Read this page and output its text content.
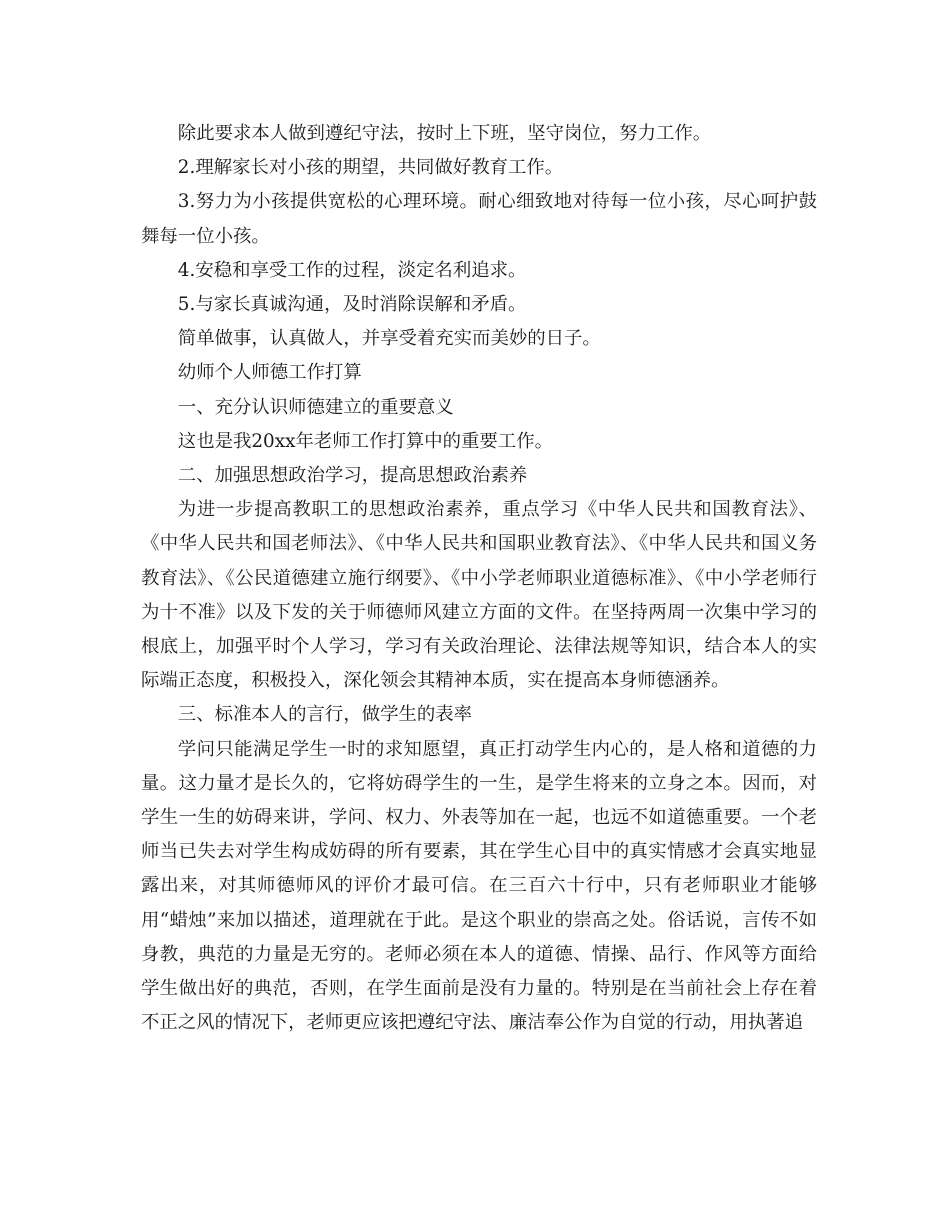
除此要求本人做到遵纪守法，按时上下班，坚守岗位，努力工作。

2.理解家长对小孩的期望，共同做好教育工作。

3.努力为小孩提供宽松的心理环境。耐心细致地对待每一位小孩，尽心呵护鼓舞每一位小孩。

4.安稳和享受工作的过程，淡定名利追求。

5.与家长真诚沟通，及时消除误解和矛盾。

简单做事，认真做人，并享受着充实而美妙的日子。

幼师个人师德工作打算

一、充分认识师德建立的重要意义

这也是我20xx年老师工作打算中的重要工作。

二、加强思想政治学习，提高思想政治素养

为进一步提高教职工的思想政治素养，重点学习《中华人民共和国教育法》、《中华人民共和国老师法》、《中华人民共和国职业教育法》、《中华人民共和国义务教育法》、《公民道德建立施行纲要》、《中小学老师职业道德标准》、《中小学老师行为十不准》以及下发的关于师德师风建立方面的文件。在坚持两周一次集中学习的根底上，加强平时个人学习，学习有关政治理论、法律法规等知识，结合本人的实际端正态度，积极投入，深化领会其精神本质，实在提高本身师德涵养。

三、标准本人的言行，做学生的表率

学问只能满足学生一时的求知愿望，真正打动学生内心的，是人格和道德的力量。这力量才是长久的，它将妨碍学生的一生，是学生将来的立身之本。因而，对学生一生的妨碍来讲，学问、权力、外表等加在一起，也远不如道德重要。一个老师当已失去对学生构成妨碍的所有要素，其在学生心目中的真实情感才会真实地显露出来，对其师德师风的评价才最可信。在三百六十行中，只有老师职业才能够用“蜡烛”来加以描述，道理就在于此。是这个职业的崇高之处。俗话说，言传不如身教，典范的力量是无穷的。老师必须在本人的道德、情操、品行、作风等方面给学生做出好的典范，否则，在学生面前是没有力量的。特别是在当前社会上存在着不正之风的情况下，老师更应该把遵纪守法、廉洁奉公作为自觉的行动，用执著追
